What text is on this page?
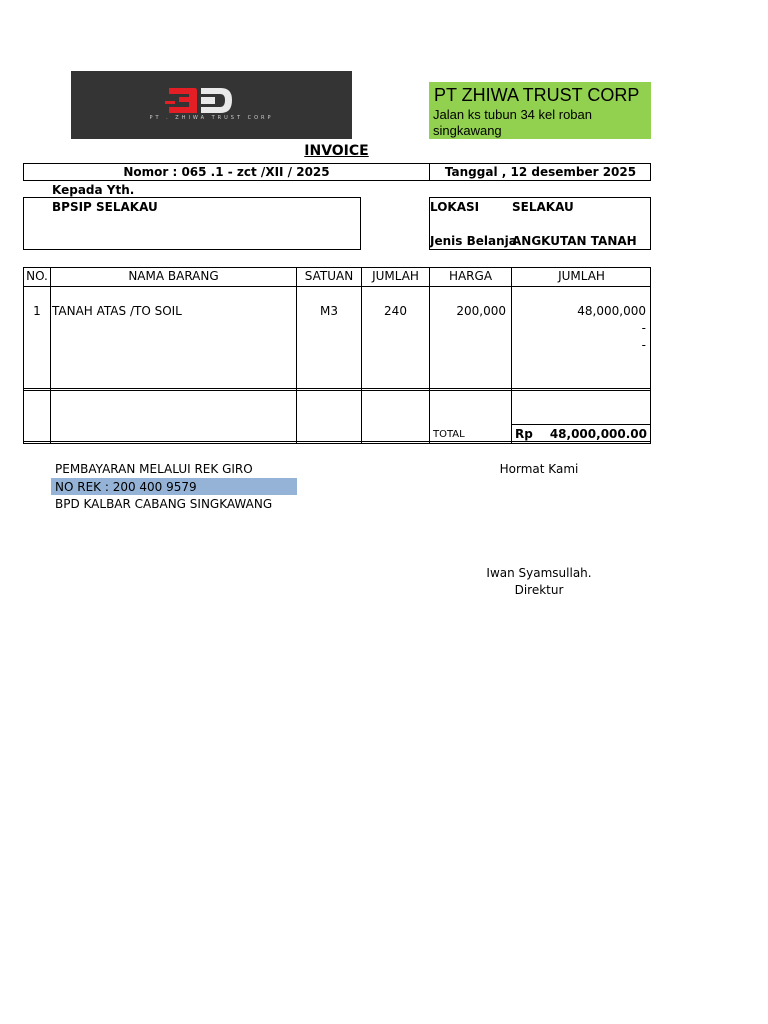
PT . ZHIWA TRUST CORP
PT ZHIWA TRUST CORP
Jalan ks tubun 34 kel roban singkawang
INVOICE
Nomor : 065 .1 - zct /XII / 2025	Tanggal , 12 desember 2025
Kepada Yth.
BPSIP SELAKAU	LOKASI	SELAKAU
Jenis Belanja
ANGKUTAN TANAH
NO.	NAMA BARANG	SATUAN	JUMLAH	HARGA	JUMLAH
1 TANAH ATAS /TO SOIL	M3	240	200,000	48,000,000
-
-
TOTAL	Rp	48,000,000.00
PEMBAYARAN MELALUI REK GIRO
NO REK : 200 400 9579
BPD KALBAR CABANG SINGKAWANG
Hormat Kami
Iwan Syamsullah.
Direktur
